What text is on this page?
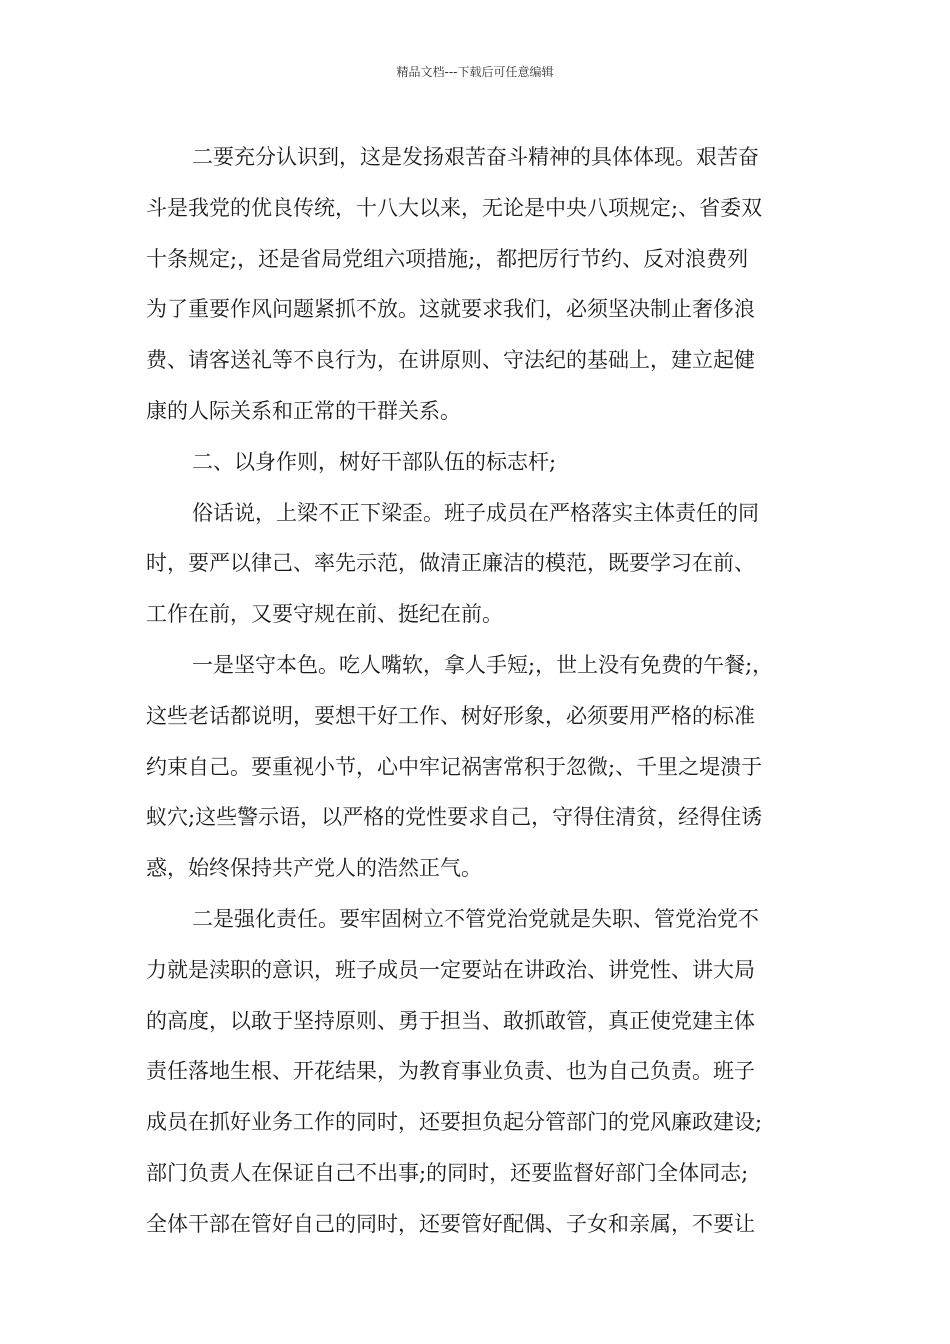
精品文档---下载后可任意编辑
二要充分认识到，这是发扬艰苦奋斗精神的具体体现。艰苦奋
斗是我党的优良传统，十八大以来，无论是中央八项规定;、省委双
十条规定;，还是省局党组六项措施;，都把厉行节约、反对浪费列
为了重要作风问题紧抓不放。这就要求我们，必须坚决制止奢侈浪
费、请客送礼等不良行为，在讲原则、守法纪的基础上，建立起健
康的人际关系和正常的干群关系。
二、以身作则，树好干部队伍的标志杆;
俗话说，上梁不正下梁歪。班子成员在严格落实主体责任的同
时，要严以律己、率先示范，做清正廉洁的模范，既要学习在前、
工作在前，又要守规在前、挺纪在前。
一是坚守本色。吃人嘴软，拿人手短;，世上没有免费的午餐;，
这些老话都说明，要想干好工作、树好形象，必须要用严格的标准
约束自己。要重视小节，心中牢记祸害常积于忽微;、千里之堤溃于
蚁穴;这些警示语，以严格的党性要求自己，守得住清贫，经得住诱
惑，始终保持共产党人的浩然正气。
二是强化责任。要牢固树立不管党治党就是失职、管党治党不
力就是渎职的意识，班子成员一定要站在讲政治、讲党性、讲大局
的高度，以敢于坚持原则、勇于担当、敢抓敢管，真正使党建主体
责任落地生根、开花结果，为教育事业负责、也为自己负责。班子
成员在抓好业务工作的同时，还要担负起分管部门的党风廉政建设;
部门负责人在保证自己不出事;的同时，还要监督好部门全体同志;
全体干部在管好自己的同时，还要管好配偶、子女和亲属，不要让
